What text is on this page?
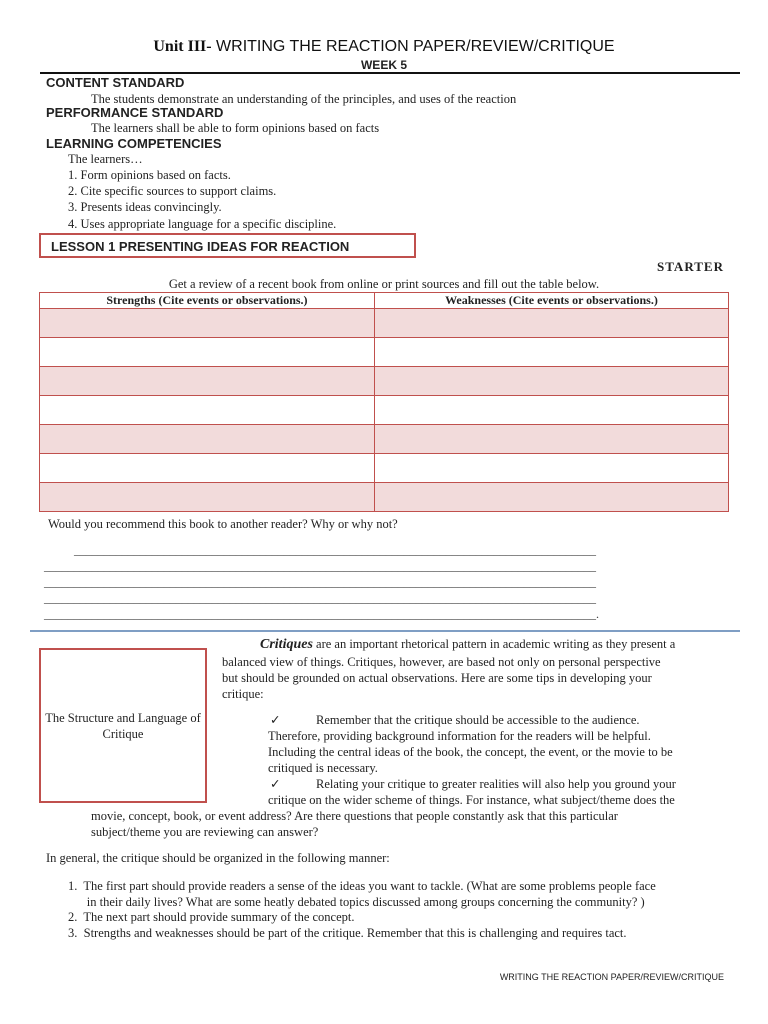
Unit III- WRITING THE REACTION PAPER/REVIEW/CRITIQUE
WEEK 5
CONTENT STANDARD
The students demonstrate an understanding of the principles, and uses of the reaction
PERFORMANCE STANDARD
The learners shall be able to form opinions based on facts
LEARNING COMPETENCIES
The learners…
1. Form opinions based on facts.
2. Cite specific sources to support claims.
3. Presents ideas convincingly.
4. Uses appropriate language for a specific discipline.
LESSON 1 PRESENTING IDEAS FOR REACTION
STARTER
Get a review of a recent book from online or print sources and fill out the table below.
Strengths (Cite events or observations.)	Weaknesses (Cite events or observations.)

Would you recommend this book to another reader? Why or why not?
_______________________________________________________________________________________
____________________________________________________________________________________________
____________________________________________________________________________________________
____________________________________________________________________________________________
____________________________________________________________________________________________.
The Structure and Language of Critique
Critiques are an important rhetorical pattern in academic writing as they present a
balanced view of things. Critiques, however, are based not only on personal perspective
but should be grounded on actual observations. Here are some tips in developing your
critique:
✓	Remember that the critique should be accessible to the audience.
Therefore, providing background information for the readers will be helpful.
Including the central ideas of the book, the concept, the event, or the movie to be
critiqued is necessary.
✓	Relating your critique to greater realities will also help you ground your
critique on the wider scheme of things. For instance, what subject/theme does the
movie, concept, book, or event address? Are there questions that people constantly ask that this particular
subject/theme you are reviewing can answer?
In general, the critique should be organized in the following manner:
1.  The first part should provide readers a sense of the ideas you want to tackle. (What are some problems people face
in their daily lives? What are some heatly debated topics discussed among groups concerning the community? )
2.  The next part should provide summary of the concept.
3.  Strengths and weaknesses should be part of the critique. Remember that this is challenging and requires tact.
WRITING THE REACTION PAPER/REVIEW/CRITIQUE
